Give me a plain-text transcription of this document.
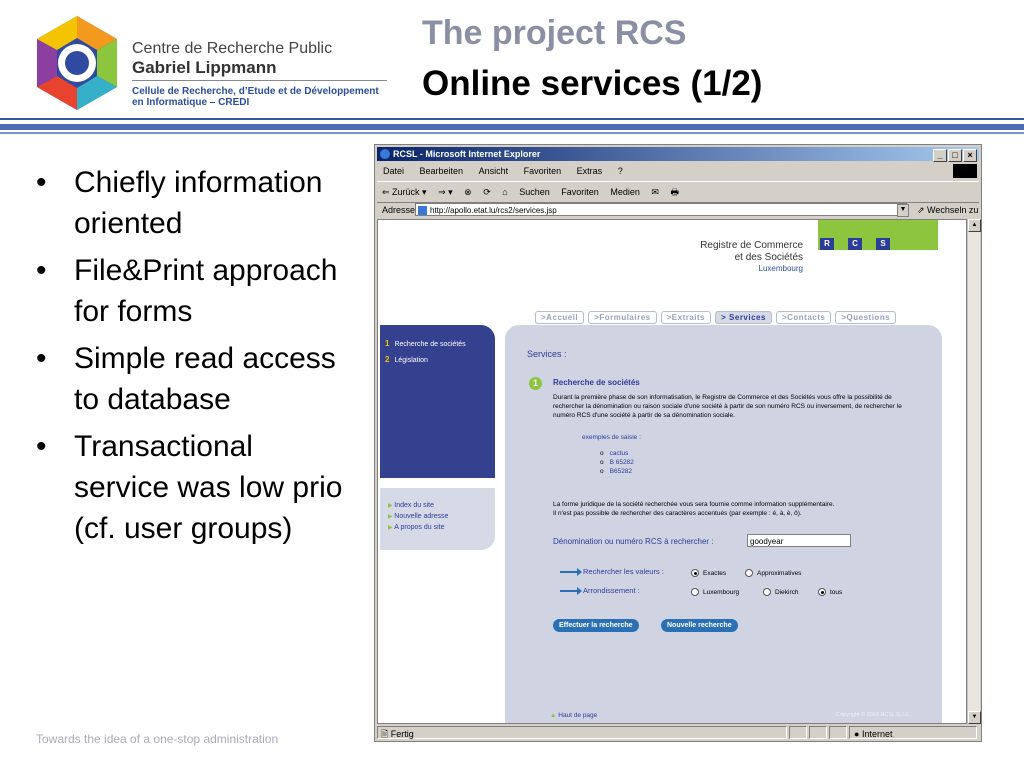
Centre de Recherche Public
Gabriel Lippmann
Cellule de Recherche, d’Etude et de Développement
en Informatique – CREDI
The project RCS
Online services (1/2)
• Chiefly information oriented
• File&Print approach for forms
• Simple read access to database
• Transactional service was low prio (cf. user groups)
Towards the idea of a one-stop administration
RCSL - Microsoft Internet Explorer	_ □ ×
Datei Bearbeiten Ansicht Favoriten Extras ?
⇐ Zurück ▾ ⇒ ▾ ⊗ ⟳ ⌂ Suchen Favoriten Medien ✉ 🖶
Adresse	http://apollo.etat.lu/rcs2/services.jsp	▼ ⇗ Wechseln zu
Registre de Commerce
et des Sociétés
Luxembourg
R	C	S
>Accueil >Formulaires >Extraits > Services >Contacts >Questions
1 Recherche de sociétés
2 Législation
▶ Index du site
▶ Nouvelle adresse
▶ A propos du site
Services :
1	Recherche de sociétés
Durant la première phase de son informatisation, le Registre de Commerce et des Sociétés vous offre la possibilité de rechercher la dénomination ou raison sociale d'une société à partir de son numéro RCS ou inversement, de rechercher le numéro RCS d'une société à partir de sa dénomination sociale.
exemples de saisie :
o cactus
o B 65282
o B65282
La forme juridique de la société recherchée vous sera fournie comme information supplémentaire.
Il n'est pas possible de rechercher des caractères accentués (par exemple : é, à, è, ô).
Dénomination ou numéro RCS à rechercher :	goodyear
Rechercher les valeurs :	Exactes	Approximatives
Arrondissement :	Luxembourg	Diekirch	tous
Effectuer la recherche	Nouvelle recherche
▲ Haut de page	Copyright © 2003 RCSL G.I.E.
▲
▼
🖹 Fertig	● Internet
